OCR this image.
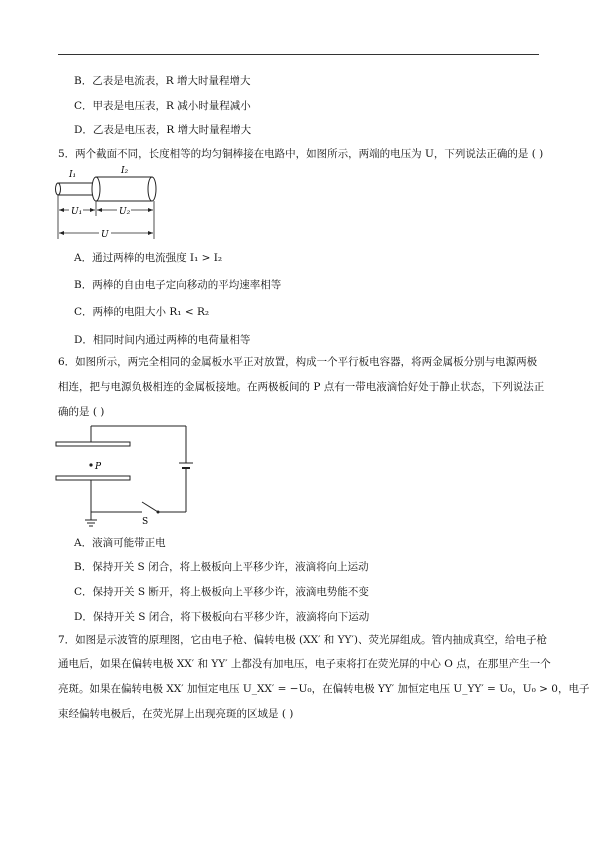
B．乙表是电流表，R 增大时量程增大
C．甲表是电压表，R 减小时量程减小
D．乙表是电压表，R 增大时量程增大
5．两个截面不同，长度相等的均匀铜棒接在电路中，如图所示，两端的电压为 U，下列说法正确的是 ( )
I₁	I₂
U₁	U₂
U
A．通过两棒的电流强度 I₁ > I₂
B．两棒的自由电子定向移动的平均速率相等
C．两棒的电阻大小 R₁ < R₂
D．相同时间内通过两棒的电荷量相等
6．如图所示，两完全相同的金属板水平正对放置，构成一个平行板电容器，将两金属板分别与电源两极
相连，把与电源负极相连的金属板接地。在两极板间的 P 点有一带电液滴恰好处于静止状态，下列说法正
确的是 ( )
P
S
A．液滴可能带正电
B．保持开关 S 闭合，将上极板向上平移少许，液滴将向上运动
C．保持开关 S 断开，将上极板向上平移少许，液滴电势能不变
D．保持开关 S 闭合，将下极板向右平移少许，液滴将向下运动
7．如图是示波管的原理图，它由电子枪、偏转电极 (XX′ 和 YY′)、荧光屏组成。管内抽成真空，给电子枪
通电后，如果在偏转电极 XX′ 和 YY′ 上都没有加电压，电子束将打在荧光屏的中心 O 点，在那里产生一个
亮斑。如果在偏转电极 XX′ 加恒定电压 U_XX′ = −U₀，在偏转电极 YY′ 加恒定电压 U_YY′ = U₀，U₀ > 0，电子
束经偏转电极后，在荧光屏上出现亮斑的区域是 ( )
